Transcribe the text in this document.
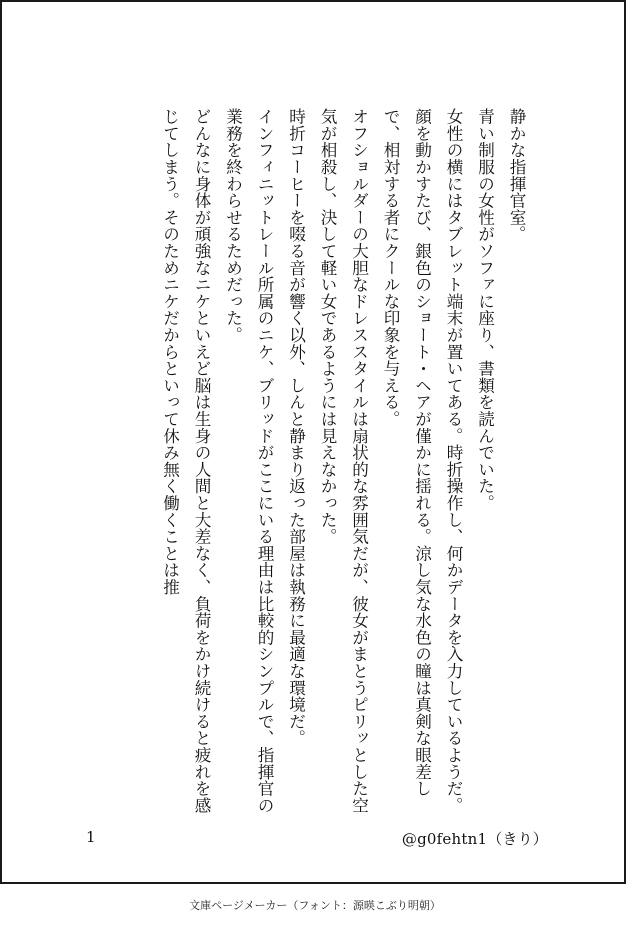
静かな指揮官室。

青い制服の女性がソファに座り、書類を読んでいた。

女性の横にはタブレット端末が置いてある。時折操作し、何かデータを入力しているようだ。

顔を動かすたび、銀色のショート・ヘアが僅かに揺れる。涼し気な水色の瞳は真剣な眼差しで、相対する者にクールな印象を与える。

オフショルダーの大胆なドレススタイルは扇状的な雰囲気だが、彼女がまとうピリッとした空気が相殺し、決して軽い女であるようには見えなかった。

時折コーヒーを啜る音が響く以外、しんと静まり返った部屋は執務に最適な環境だ。

インフィニットレール所属のニケ、ブリッドがここにいる理由は比較的シンプルで、指揮官の業務を終わらせるためだった。

どんなに身体が頑強なニケといえど脳は生身の人間と大差なく、負荷をかけ続けると疲れを感じてしまう。そのためニケだからといって休み無く働くことは推

1	@g0fehtn1（きり）
文庫ページメーカー（フォント：源暎こぶり明朝）
